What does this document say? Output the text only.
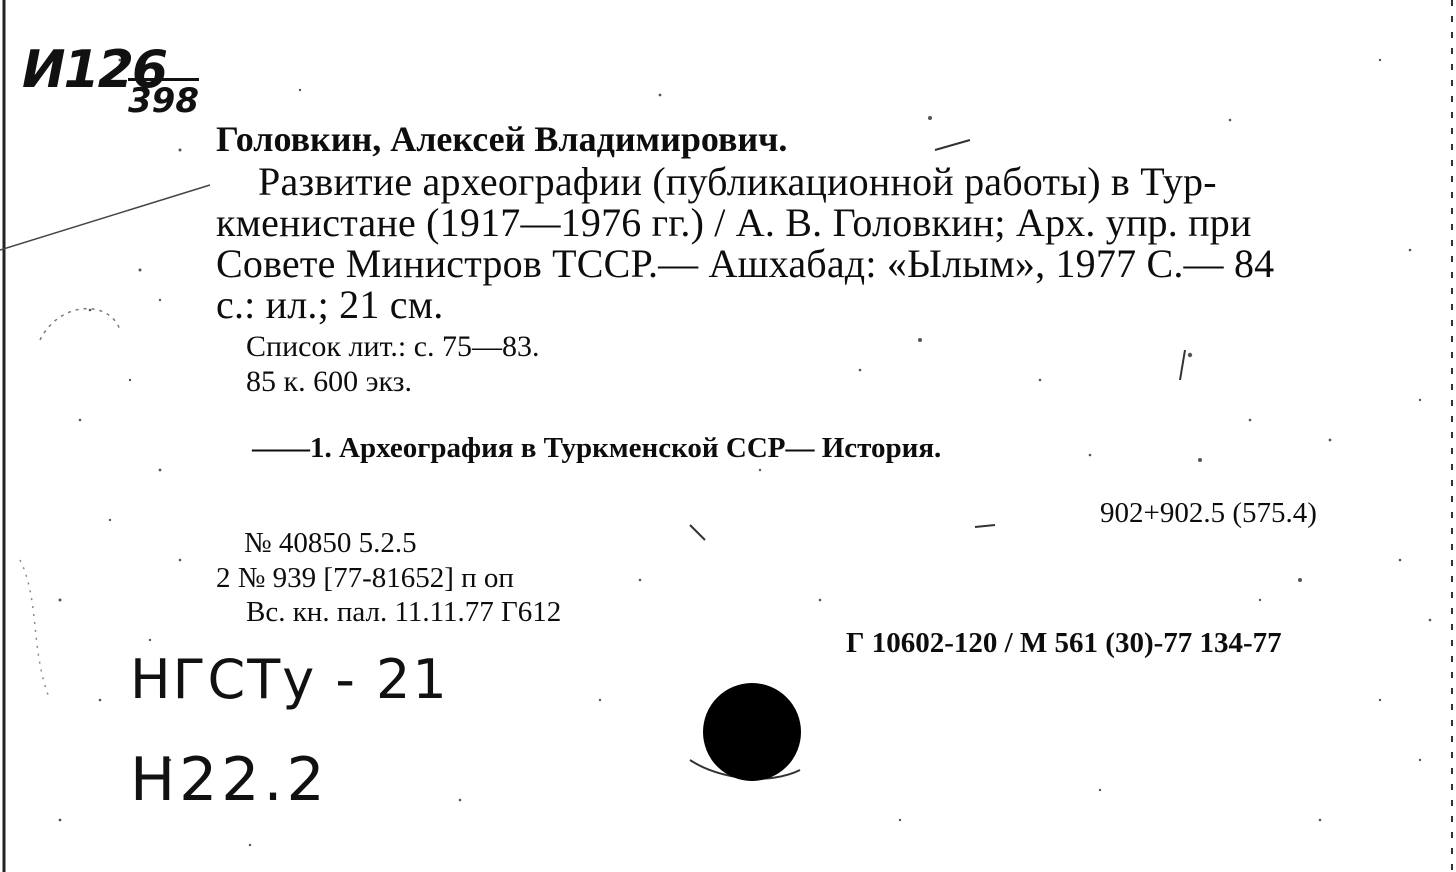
И126
398
Головкин, Алексей Владимирович.
Развитие археографии (публикационной работы) в Тур-
кменистане (1917—1976 гг.) / А. В. Головкин; Арх. упр. при
Совете Министров ТССР.— Ашхабад: «Ылым», 1977 С.— 84
с.: ил.; 21 см.
Список лит.: с. 75—83.
85 к. 600 экз.
——1. Археография в Туркменской ССР— История.
902+902.5 (575.4)
№ 40850 5.2.5
2 № 939 [77-81652] п оп
Вс. кн. пал. 11.11.77 Г612
Г 10602-120 / М 561 (30)-77 134-77
НГСТу - 21
Н22.2
